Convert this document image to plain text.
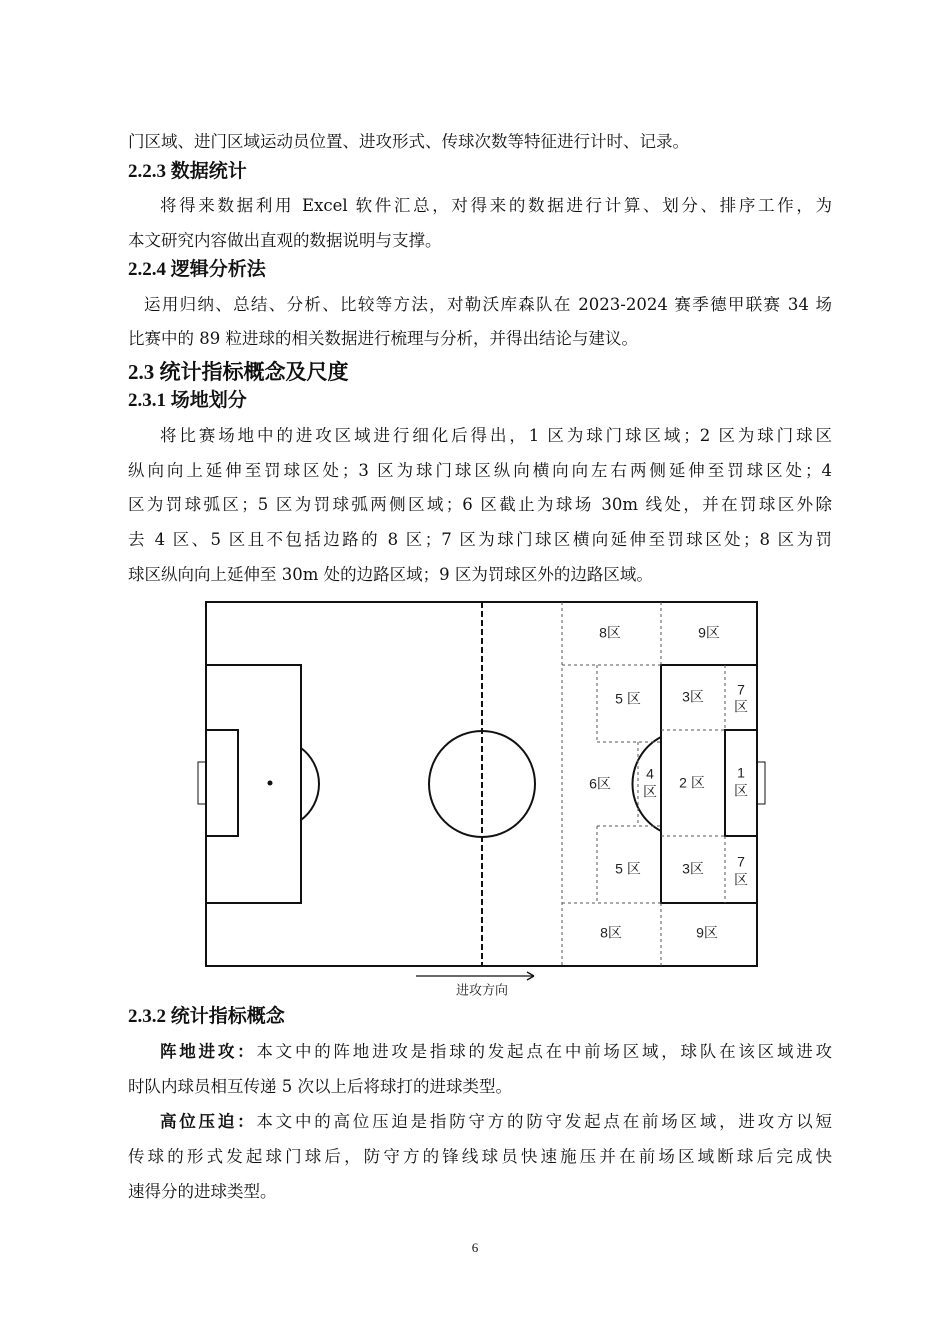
门区域、进门区域运动员位置、进攻形式、传球次数等特征进行计时、记录。
2.2.3 数据统计
将得来数据利用 Excel 软件汇总，对得来的数据进行计算、划分、排序工作，为
本文研究内容做出直观的数据说明与支撑。
2.2.4 逻辑分析法
运用归纳、总结、分析、比较等方法，对勒沃库森队在 2023-2024 赛季德甲联赛 34 场
比赛中的 89 粒进球的相关数据进行梳理与分析，并得出结论与建议。
2.3 统计指标概念及尺度
2.3.1 场地划分
将比赛场地中的进攻区域进行细化后得出，1 区为球门球区域；2 区为球门球区
纵向向上延伸至罚球区处；3 区为球门球区纵向横向向左右两侧延伸至罚球区处；4
区为罚球弧区；5 区为罚球弧两侧区域；6 区截止为球场 30m 线处，并在罚球区外除
去 4 区、5 区且不包括边路的 8 区；7 区为球门球区横向延伸至罚球区处；8 区为罚
球区纵向向上延伸至 30m 处的边路区域；9 区为罚球区外的边路区域。
8区	9区
5 区	3区 7
区
6区
4
区
2 区
1
区
5 区	3区 7
区
8区	9区
进攻方向
2.3.2 统计指标概念
阵地进攻：本文中的阵地进攻是指球的发起点在中前场区域，球队在该区域进攻
时队内球员相互传递 5 次以上后将球打的进球类型。
高位压迫：本文中的高位压迫是指防守方的防守发起点在前场区域，进攻方以短
传球的形式发起球门球后，防守方的锋线球员快速施压并在前场区域断球后完成快
速得分的进球类型。
6
